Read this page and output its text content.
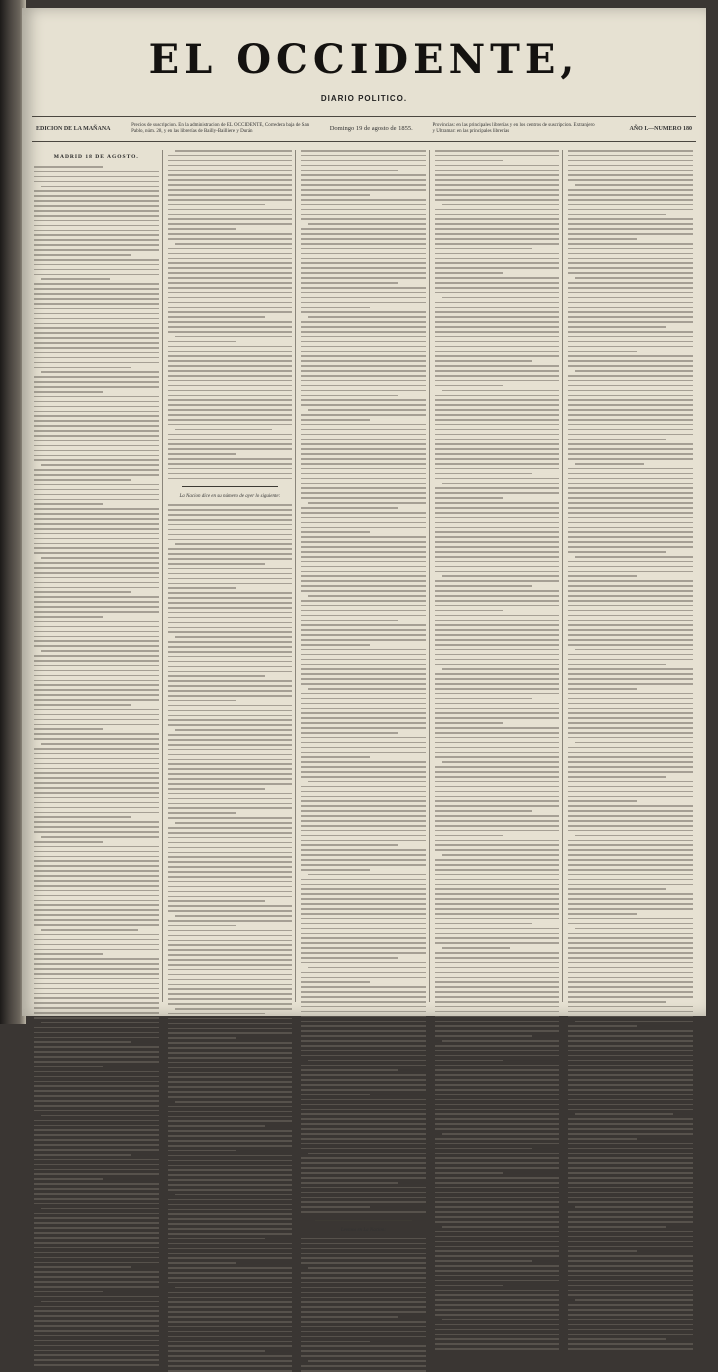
EL OCCIDENTE,
DIARIO POLITICO.
EDICION DE LA MAÑANA
Precios de suscripcion. En la administracion de EL OCCIDENTE, Corredera baja de San Pablo, núm. 28, y en las librerías de Bailly-Bailliere y Durán	Domingo 19 de agosto de 1855.	Provincias: en las principales librerías y en los centros de suscripcion. Extranjero y Ultramar: en las principales librerías	AÑO I.—NUMERO 180
MADRID 18 DE AGOSTO.
La Nacion dice en su número de ayer lo siguiente:
Leemos en La Nacion:
